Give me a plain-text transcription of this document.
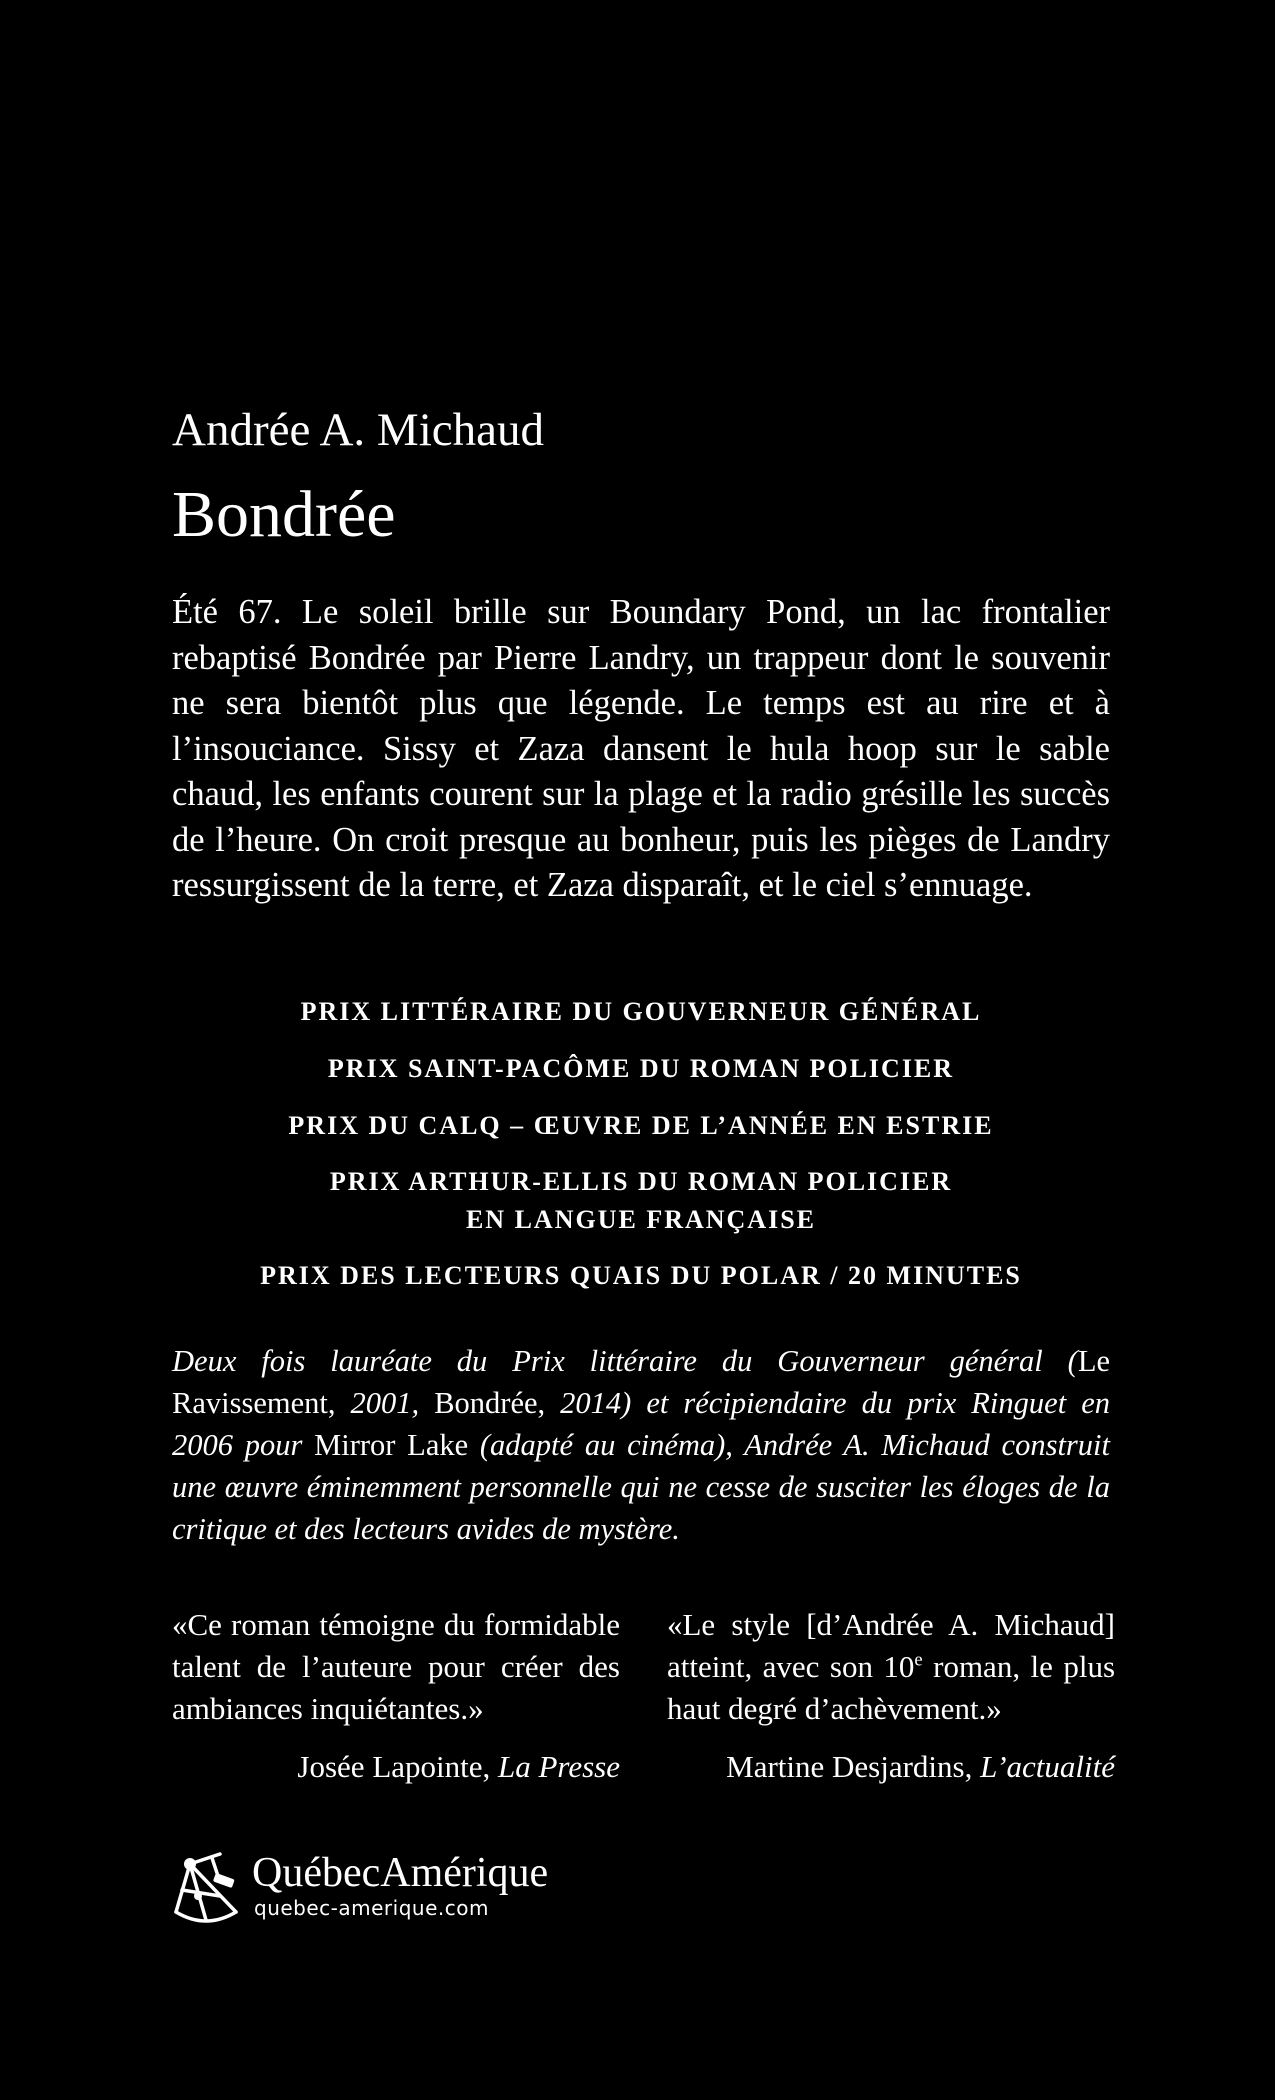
Andrée A. Michaud
Bondrée

Été 67. Le soleil brille sur Boundary Pond, un lac frontalier rebaptisé Bondrée par Pierre Landry, un trappeur dont le souvenir ne sera bientôt plus que légende. Le temps est au rire et à l’insouciance. Sissy et Zaza dansent le hula hoop sur le sable chaud, les enfants courent sur la plage et la radio grésille les succès de l’heure. On croit presque au bonheur, puis les pièges de Landry ressurgissent de la terre, et Zaza disparaît, et le ciel s’ennuage.

PRIX LITTÉRAIRE DU GOUVERNEUR GÉNÉRAL

PRIX SAINT-PACÔME DU ROMAN POLICIER

PRIX DU CALQ – ŒUVRE DE L’ANNÉE EN ESTRIE

PRIX ARTHUR-ELLIS DU ROMAN POLICIER
EN LANGUE FRANÇAISE

PRIX DES LECTEURS QUAIS DU POLAR / 20 MINUTES

Deux fois lauréate du Prix littéraire du Gouverneur général (Le Ravissement, 2001, Bondrée, 2014) et récipiendaire du prix Ringuet en 2006 pour Mirror Lake (adapté au cinéma), Andrée A. Michaud construit une œuvre éminemment personnelle qui ne cesse de susciter les éloges de la critique et des lecteurs avides de mystère.

«Ce roman témoigne du formidable talent de l’auteure pour créer des ambiances inquiétantes.»
Josée Lapointe, La Presse
«Le style [d’Andrée A. Michaud] atteint, avec son 10e roman, le plus haut degré d’achèvement.»
Martine Desjardins, L’actualité
QuébecAmérique
quebec-amerique.com
